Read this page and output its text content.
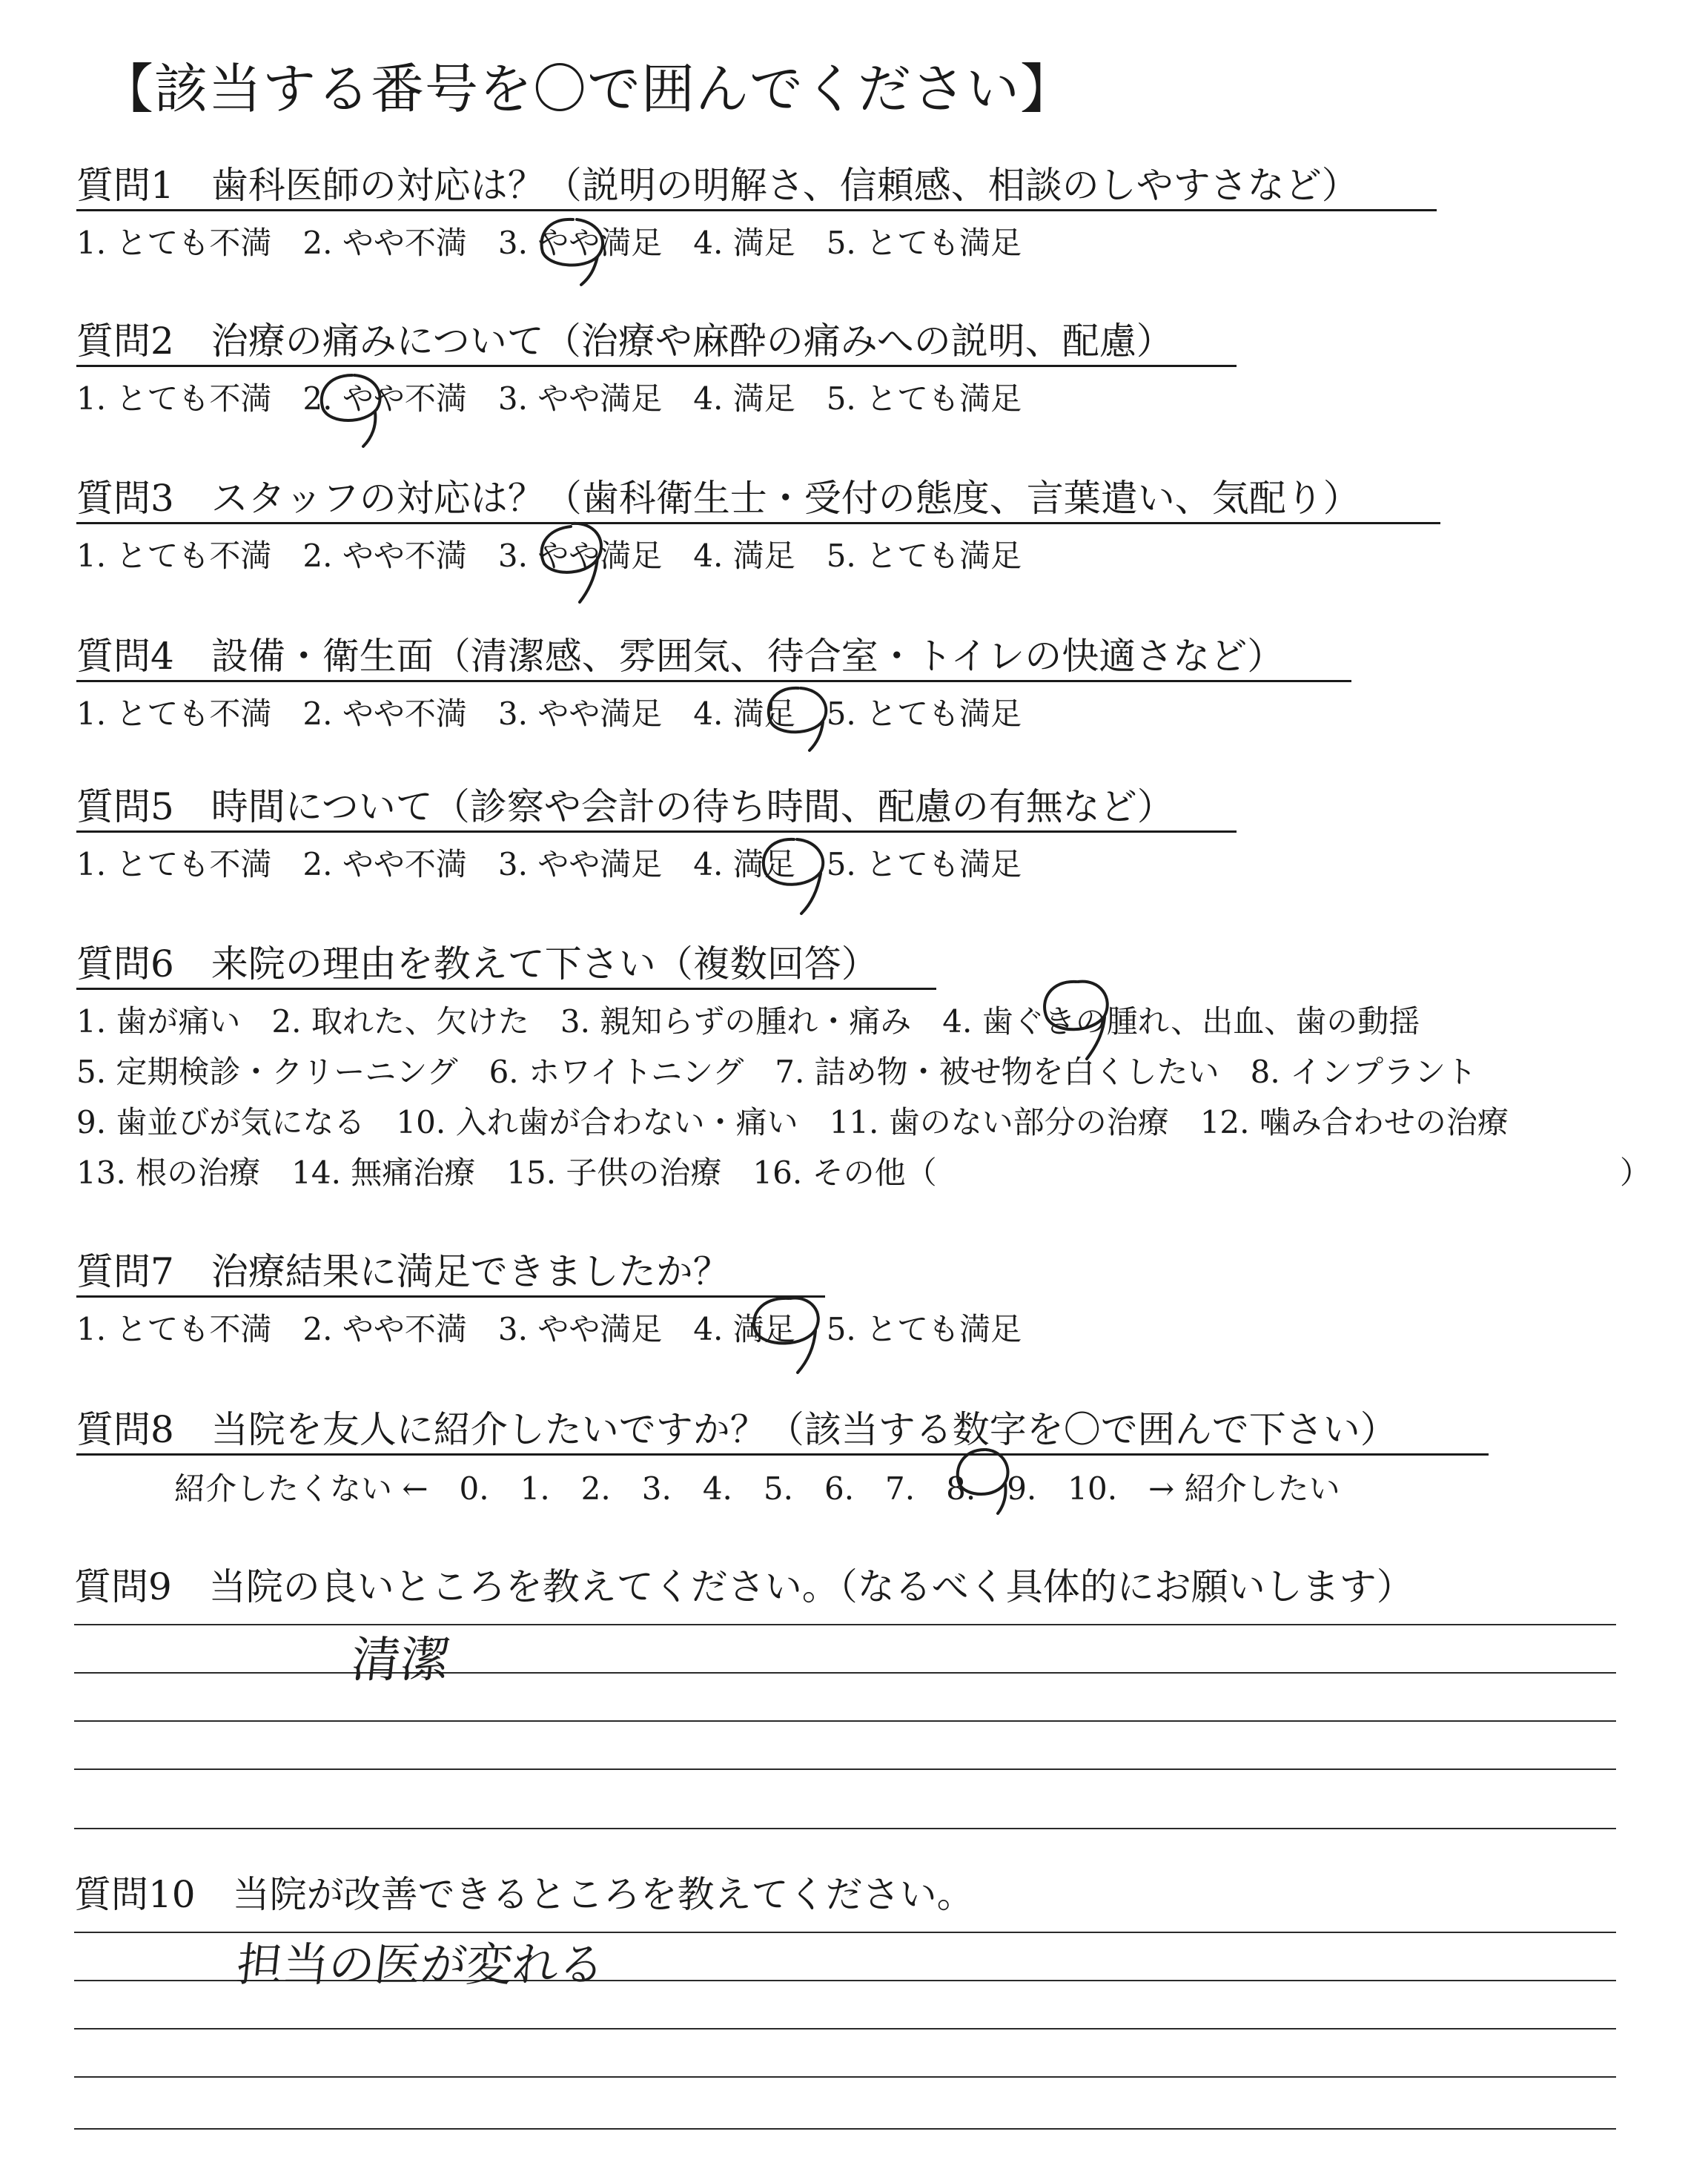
【該当する番号を〇で囲んでください】
質問1　歯科医師の対応は？（説明の明解さ、信頼感、相談のしやすさなど）
1. とても不満　2. やや不満　3. やや満足　4. 満足　5. とても満足
質問2　治療の痛みについて（治療や麻酔の痛みへの説明、配慮）
1. とても不満　2. やや不満　3. やや満足　4. 満足　5. とても満足
質問3　スタッフの対応は？（歯科衛生士・受付の態度、言葉遣い、気配り）
1. とても不満　2. やや不満　3. やや満足　4. 満足　5. とても満足
質問4　設備・衛生面（清潔感、雰囲気、待合室・トイレの快適さなど）
1. とても不満　2. やや不満　3. やや満足　4. 満足　5. とても満足
質問5　時間について（診察や会計の待ち時間、配慮の有無など）
1. とても不満　2. やや不満　3. やや満足　4. 満足　5. とても満足
質問6　来院の理由を教えて下さい（複数回答）
1. 歯が痛い　2. 取れた、欠けた　3. 親知らずの腫れ・痛み　4. 歯ぐきの腫れ、出血、歯の動揺
5. 定期検診・クリーニング　6. ホワイトニング　7. 詰め物・被せ物を白くしたい　8. インプラント
9. 歯並びが気になる　10. 入れ歯が合わない・痛い　11. 歯のない部分の治療　12. 噛み合わせの治療
13. 根の治療　14. 無痛治療　15. 子供の治療　16. その他（	）
質問7　治療結果に満足できましたか？
1. とても不満　2. やや不満　3. やや満足　4. 満足　5. とても満足
質問8　当院を友人に紹介したいですか？（該当する数字を〇で囲んで下さい）
紹介したくない ←　0.　1.　2.　3.　4.　5.　6.　7.　8.　9.　10.　→ 紹介したい
質問9　当院の良いところを教えてください。（なるべく具体的にお願いします）
清潔
質問10　当院が改善できるところを教えてください。
担当の医が変れる
